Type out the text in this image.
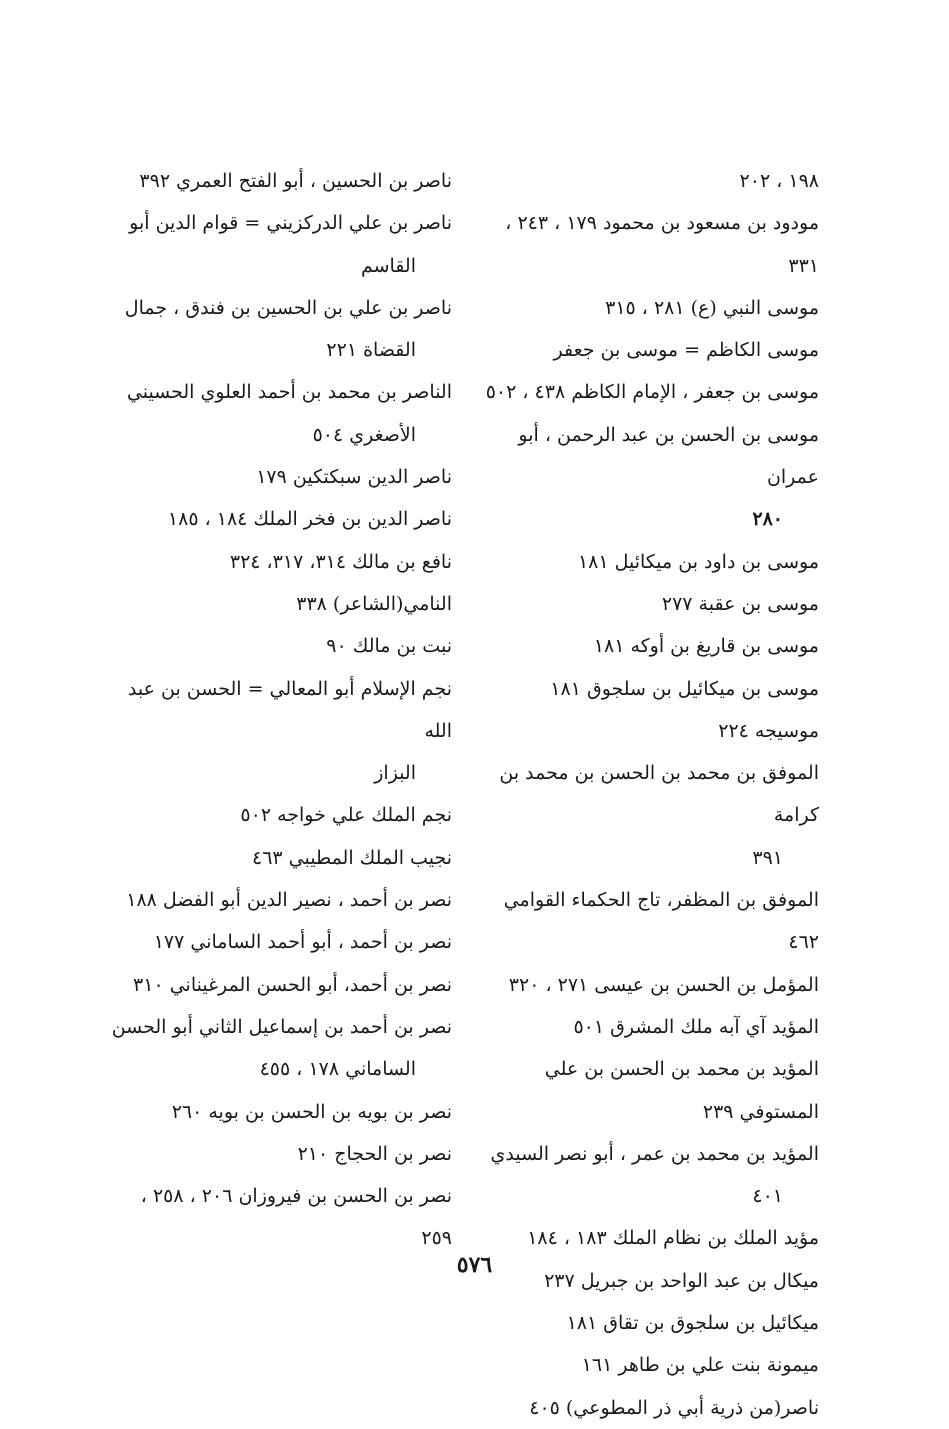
١٩٨ ، ٢٠٢
مودود بن مسعود بن محمود ١٧٩ ، ٢٤٣ ، ٣٣١
موسى النبي (ع) ٢٨١ ، ٣١٥
موسى الكاظم = موسى بن جعفر
موسى بن جعفر ، الإمام الكاظم ٤٣٨ ، ٥٠٢
موسى بن الحسن بن عبد الرحمن ، أبو عمران
٢٨٠
موسى بن داود بن ميكائيل ١٨١
موسى بن عقبة ٢٧٧
موسى بن قاريغ بن أوكه ١٨١
موسى بن ميكائيل بن سلجوق ١٨١
موسيجه ٢٢٤
الموفق بن محمد بن الحسن بن محمد بن كرامة
٣٩١
الموفق بن المظفر، تاج الحكماء القوامي ٤٦٢
المؤمل بن الحسن بن عيسى ٢٧١ ، ٣٢٠
المؤيد آي آبه ملك المشرق ٥٠١
المؤيد بن محمد بن الحسن بن علي المستوفي ٢٣٩
المؤيد بن محمد بن عمر ، أبو نصر السيدي
٤٠١
مؤيد الملك بن نظام الملك ١٨٣ ، ١٨٤
ميكال بن عبد الواحد بن جبريل ٢٣٧
ميكائيل بن سلجوق بن تقاق ١٨١
ميمونة بنت علي بن طاهر ١٦١
ناصر(من ذرية أبي ذر المطوعي) ٤٠٥
ناصر بن الحسين ، أبو الفتح العمري ٣٩٢
ناصر بن علي الدركزيني = قوام الدين أبو
القاسم
ناصر بن علي بن الحسين بن فندق ، جمال
القضاة ٢٢١
الناصر بن محمد بن أحمد العلوي الحسيني
الأصغري ٥٠٤
ناصر الدين سبكتكين ١٧٩
ناصر الدين بن فخر الملك ١٨٤ ، ١٨٥
نافع بن مالك ٣١٤، ٣١٧، ٣٢٤
النامي(الشاعر) ٣٣٨
نبت بن مالك ٩٠
نجم الإسلام أبو المعالي = الحسن بن عبد الله
البزاز
نجم الملك علي خواجه ٥٠٢
نجيب الملك المطيبي ٤٦٣
نصر بن أحمد ، نصير الدين أبو الفضل ١٨٨
نصر بن أحمد ، أبو أحمد الساماني ١٧٧
نصر بن أحمد، أبو الحسن المرغيناني ٣١٠
نصر بن أحمد بن إسماعيل الثاني أبو الحسن
الساماني ١٧٨ ، ٤٥٥
نصر بن بويه بن الحسن بن بويه ٢٦٠
نصر بن الحجاج ٢١٠
نصر بن الحسن بن فيروزان ٢٠٦ ، ٢٥٨ ، ٢٥٩
٥٧٦
